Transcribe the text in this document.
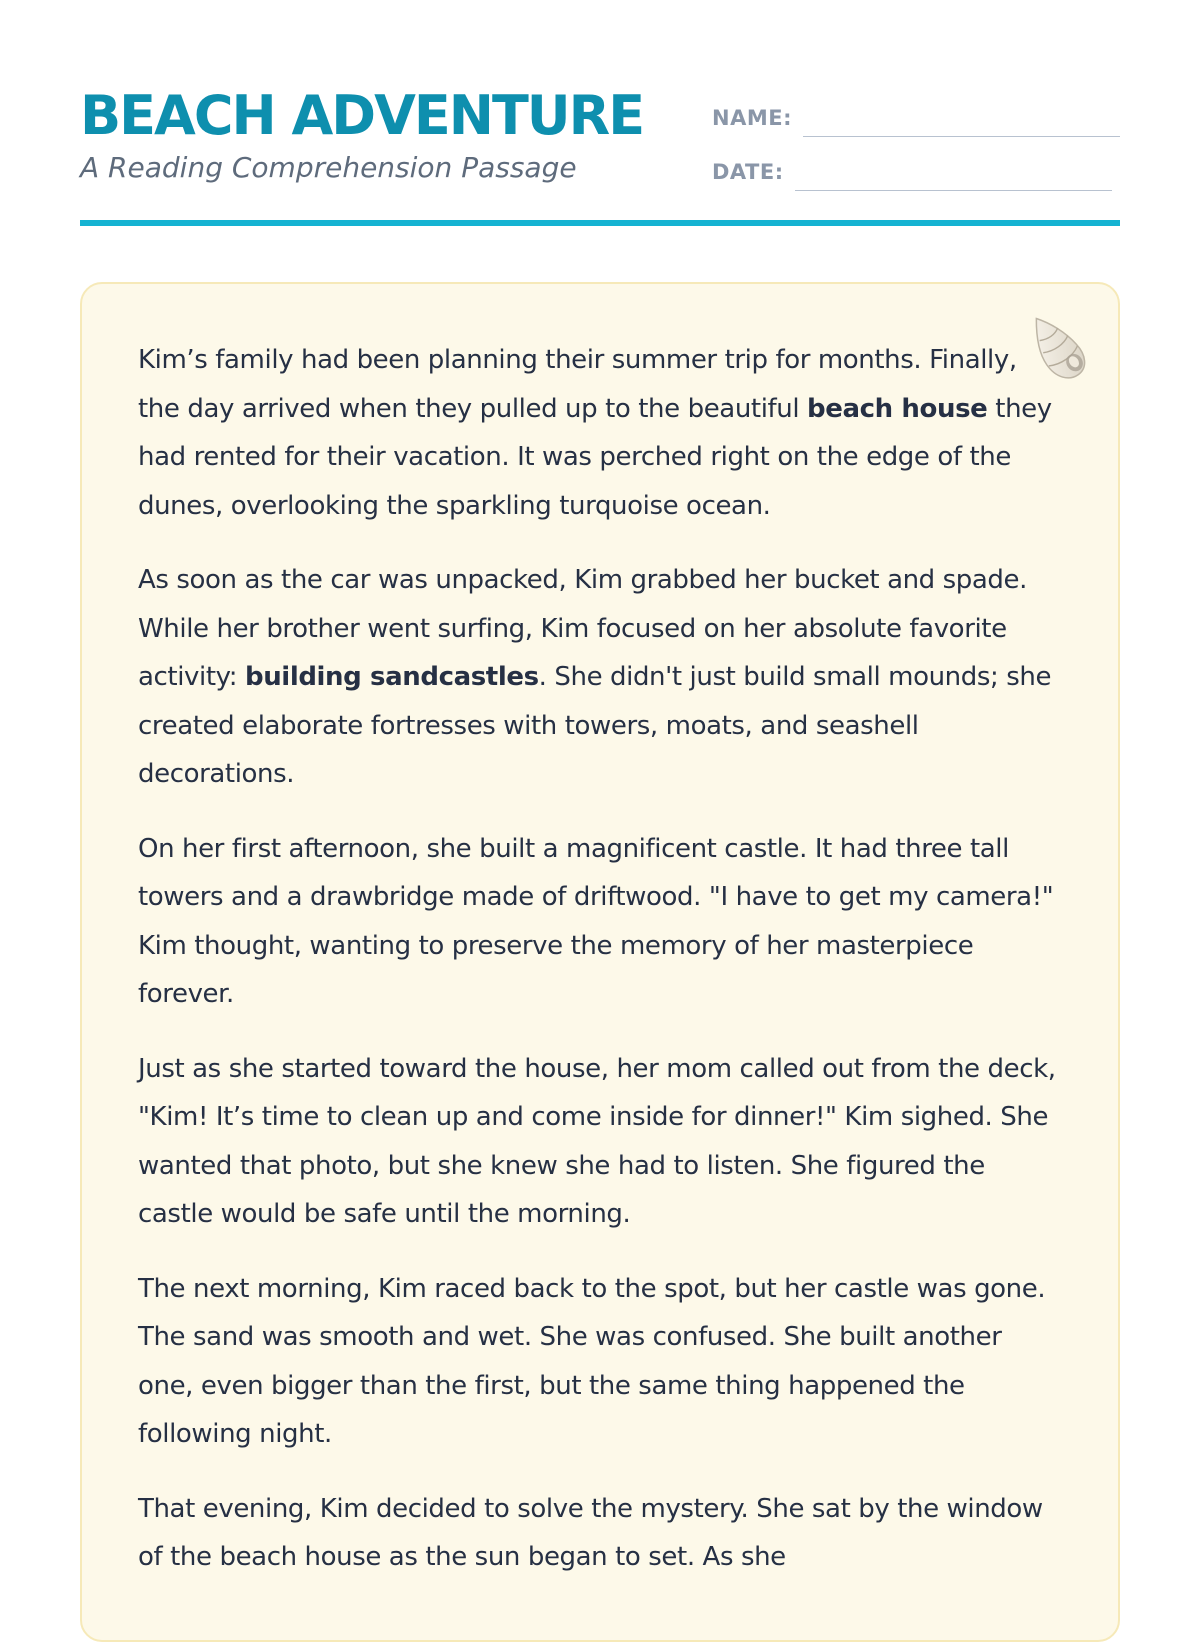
BEACH ADVENTURE
A Reading Comprehension Passage
NAME:
DATE:

Kim’s family had been planning their summer trip for months. Finally, the day arrived when they pulled up to the beautiful beach house they had rented for their vacation. It was perched right on the edge of the dunes, overlooking the sparkling turquoise ocean.

As soon as the car was unpacked, Kim grabbed her bucket and spade. While her brother went surfing, Kim focused on her absolute favorite activity: building sandcastles. She didn't just build small mounds; she created elaborate fortresses with towers, moats, and seashell decorations.

On her first afternoon, she built a magnificent castle. It had three tall towers and a drawbridge made of driftwood. "I have to get my camera!" Kim thought, wanting to preserve the memory of her masterpiece forever.

Just as she started toward the house, her mom called out from the deck, "Kim! It’s time to clean up and come inside for dinner!" Kim sighed. She wanted that photo, but she knew she had to listen. She figured the castle would be safe until the morning.

The next morning, Kim raced back to the spot, but her castle was gone. The sand was smooth and wet. She was confused. She built another one, even bigger than the first, but the same thing happened the following night.

That evening, Kim decided to solve the mystery. She sat by the window of the beach house as the sun began to set. As she
